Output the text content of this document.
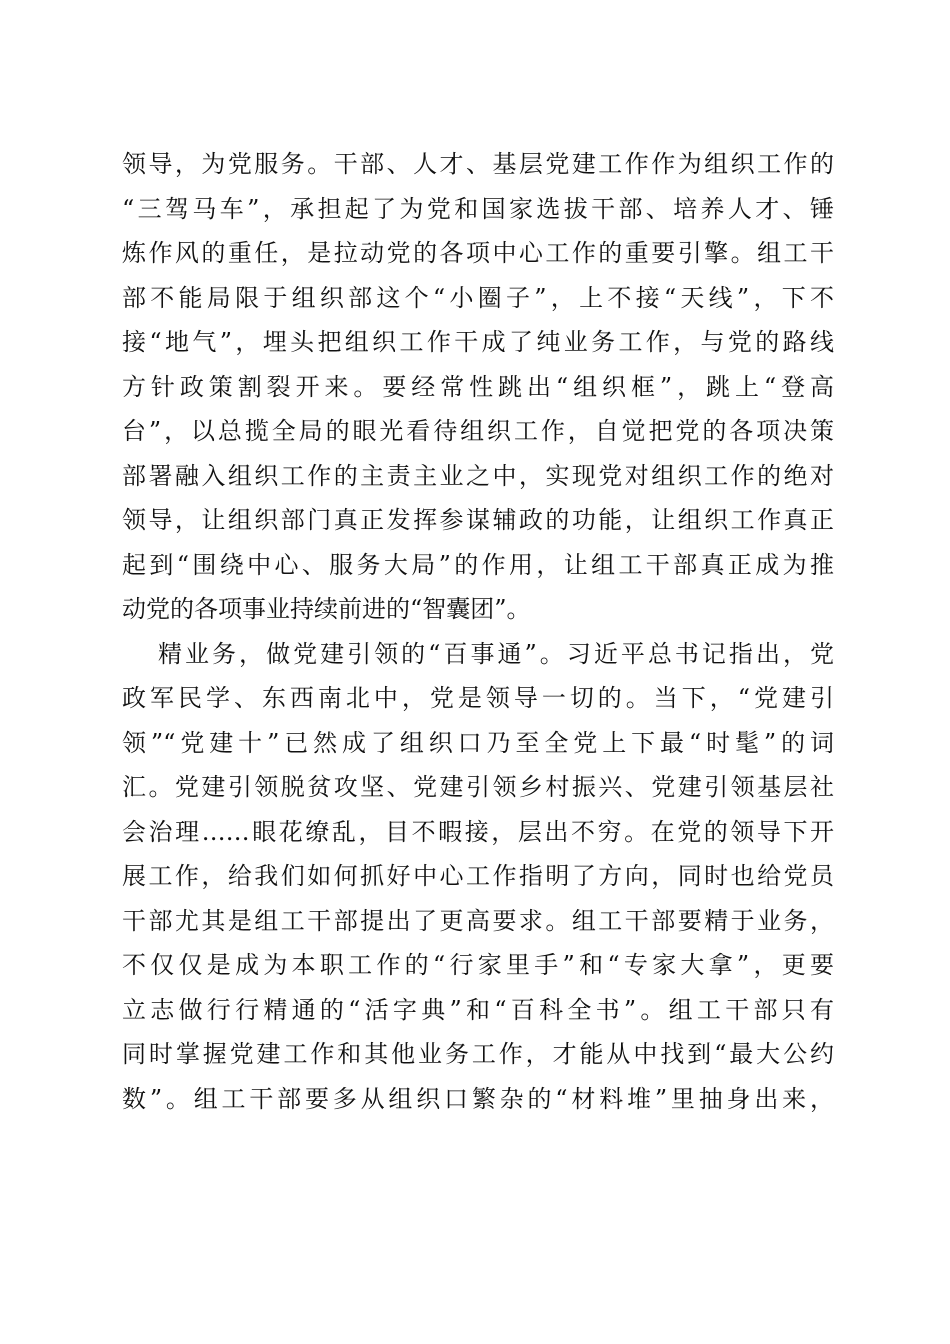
领导，为党服务。干部、人才、基层党建工作作为组织工作的
“三驾马车”，承担起了为党和国家选拔干部、培养人才、锤
炼作风的重任，是拉动党的各项中心工作的重要引擎。组工干
部不能局限于组织部这个“小圈子”，上不接“天线”，下不
接“地气”，埋头把组织工作干成了纯业务工作，与党的路线
方针政策割裂开来。要经常性跳出“组织框”，跳上“登高
台”，以总揽全局的眼光看待组织工作，自觉把党的各项决策
部署融入组织工作的主责主业之中，实现党对组织工作的绝对
领导，让组织部门真正发挥参谋辅政的功能，让组织工作真正
起到“围绕中心、服务大局”的作用，让组工干部真正成为推
动党的各项事业持续前进的“智囊团”。
精业务，做党建引领的“百事通”。习近平总书记指出，党
政军民学、东西南北中，党是领导一切的。当下，“党建引
领”“党建十”已然成了组织口乃至全党上下最“时髦”的词
汇。党建引领脱贫攻坚、党建引领乡村振兴、党建引领基层社
会治理……眼花缭乱，目不暇接，层出不穷。在党的领导下开
展工作，给我们如何抓好中心工作指明了方向，同时也给党员
干部尤其是组工干部提出了更高要求。组工干部要精于业务，
不仅仅是成为本职工作的“行家里手”和“专家大拿”，更要
立志做行行精通的“活字典”和“百科全书”。组工干部只有
同时掌握党建工作和其他业务工作，才能从中找到“最大公约
数”。组工干部要多从组织口繁杂的“材料堆”里抽身出来，
